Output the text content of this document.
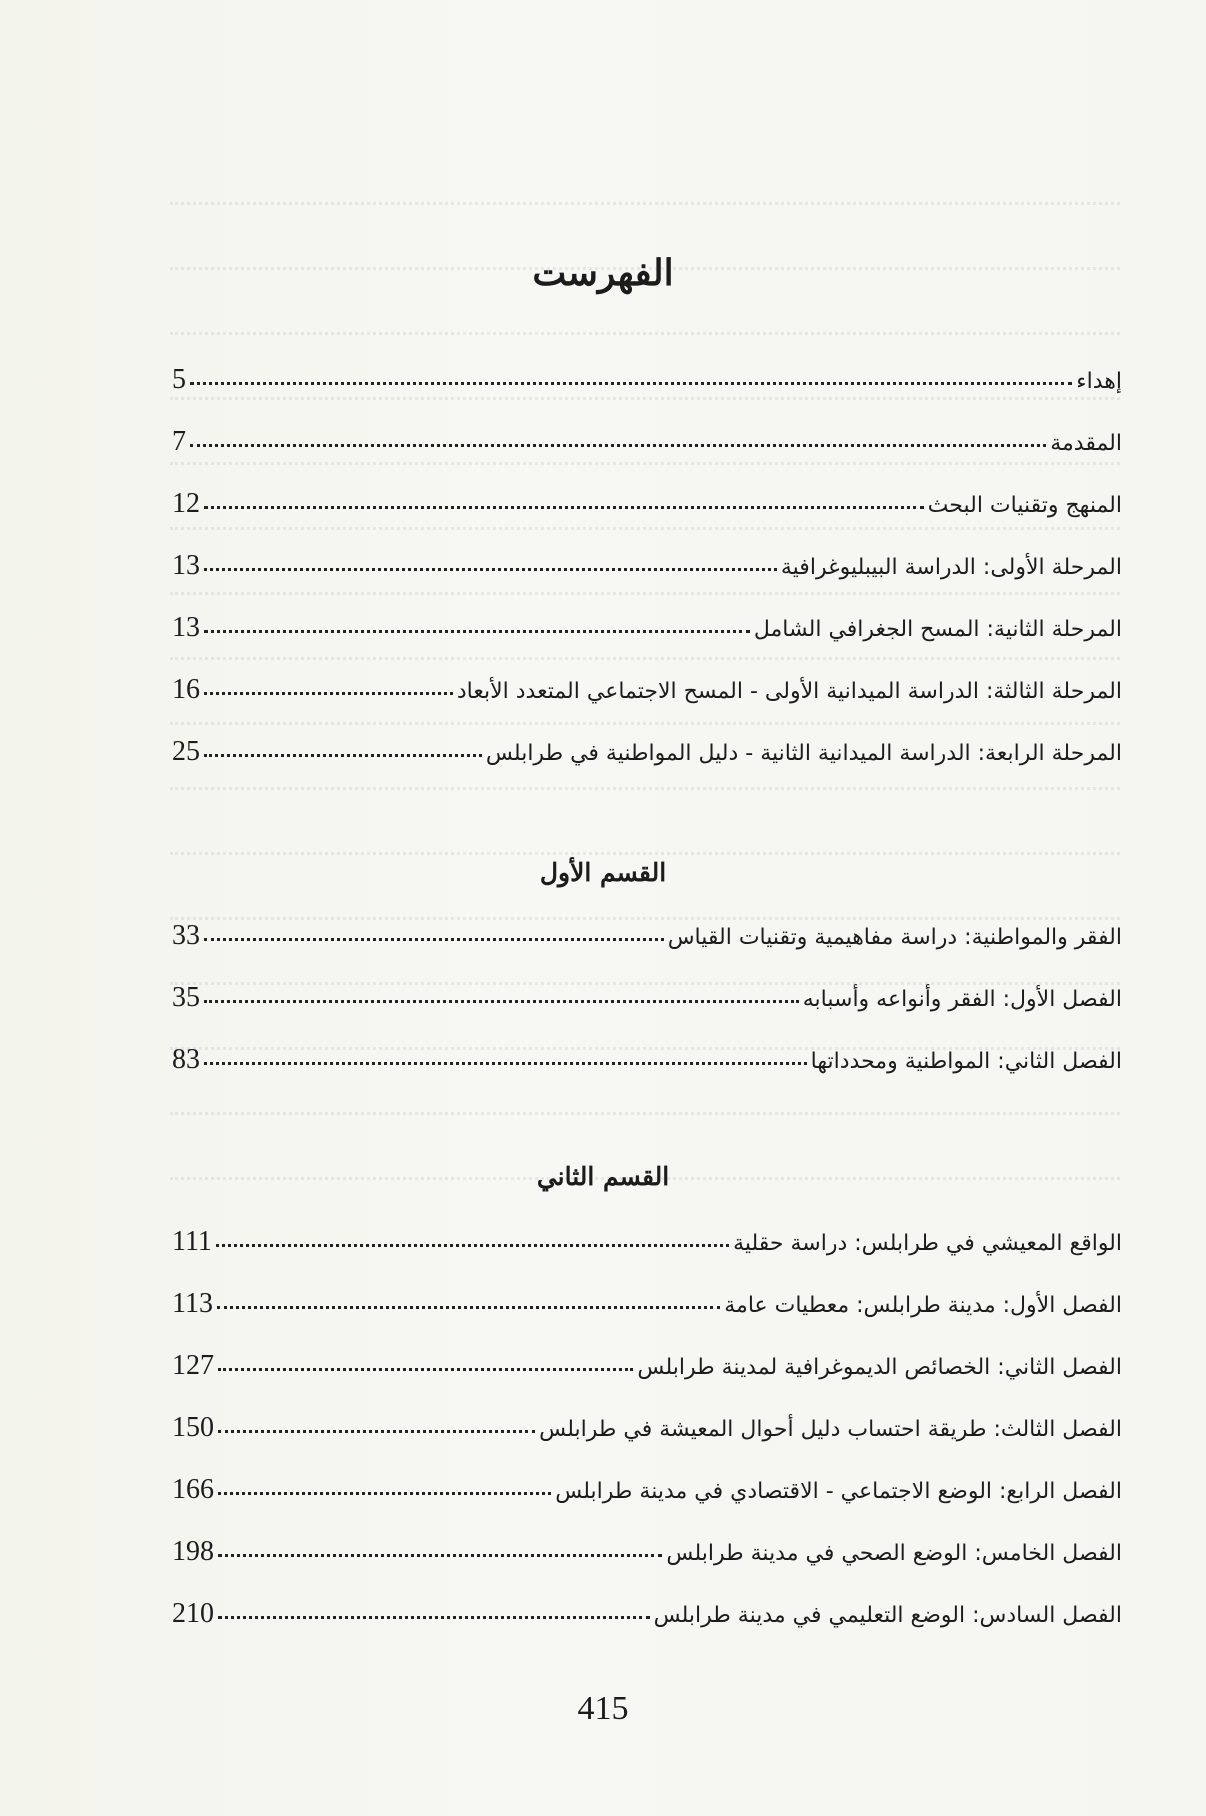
الفهرست
إهداء
5
المقدمة
7
المنهج وتقنيات البحث
12
المرحلة الأولى: الدراسة البيبليوغرافية
13
المرحلة الثانية: المسح الجغرافي الشامل
13
المرحلة الثالثة: الدراسة الميدانية الأولى - المسح الاجتماعي المتعدد الأبعاد
16
المرحلة الرابعة: الدراسة الميدانية الثانية - دليل المواطنية في طرابلس
25
القسم الأول
الفقر والمواطنية: دراسة مفاهيمية وتقنيات القياس
33
الفصل الأول: الفقر وأنواعه وأسبابه
35
الفصل الثاني: المواطنية ومحدداتها
83
القسم الثاني
الواقع المعيشي في طرابلس: دراسة حقلية
111
الفصل الأول: مدينة طرابلس: معطيات عامة
113
الفصل الثاني: الخصائص الديموغرافية لمدينة طرابلس
127
الفصل الثالث: طريقة احتساب دليل أحوال المعيشة في طرابلس
150
الفصل الرابع: الوضع الاجتماعي - الاقتصادي في مدينة طرابلس
166
الفصل الخامس: الوضع الصحي في مدينة طرابلس
198
الفصل السادس: الوضع التعليمي في مدينة طرابلس
210
415
